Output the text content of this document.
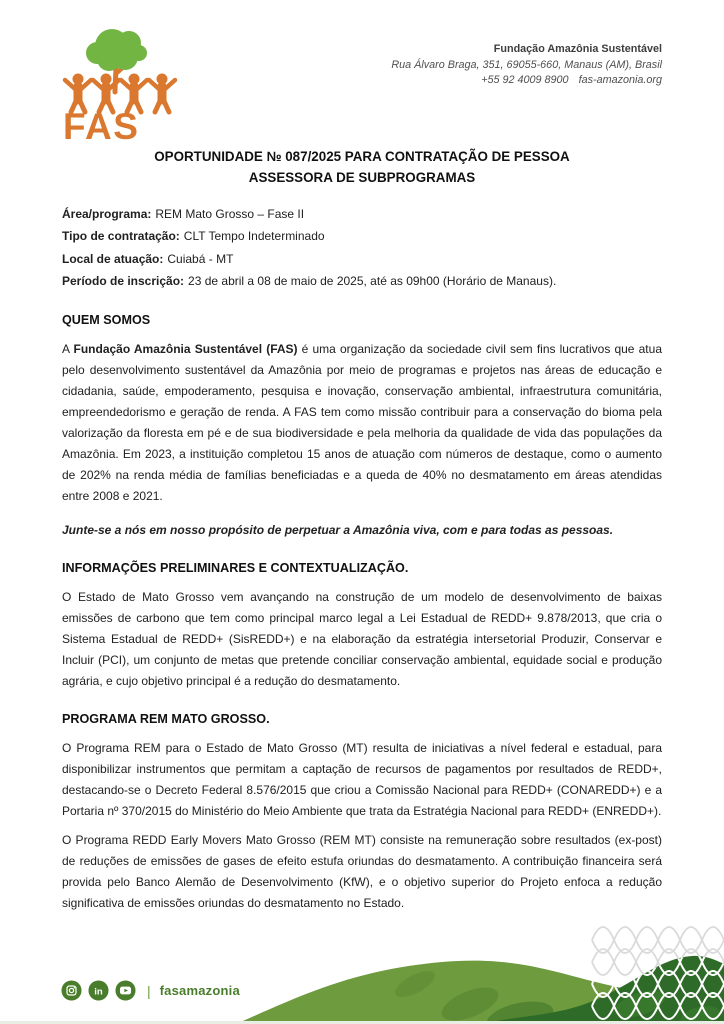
FAS
Fundação Amazônia Sustentável
Rua Álvaro Braga, 351, 69055-660, Manaus (AM), Brasil
+55 92 4009 8900 fas-amazonia.org
OPORTUNIDADE № 087/2025 PARA CONTRATAÇÃO DE PESSOA
ASSESSORA DE SUBPROGRAMAS
Área/programa: REM Mato Grosso – Fase II
Tipo de contratação: CLT Tempo Indeterminado
Local de atuação: Cuiabá - MT
Período de inscrição: 23 de abril a 08 de maio de 2025, até as 09h00 (Horário de Manaus).
QUEM SOMOS

A Fundação Amazônia Sustentável (FAS) é uma organização da sociedade civil sem fins lucrativos que atua pelo desenvolvimento sustentável da Amazônia por meio de programas e projetos nas áreas de educação e cidadania, saúde, empoderamento, pesquisa e inovação, conservação ambiental, infraestrutura comunitária, empreendedorismo e geração de renda. A FAS tem como missão contribuir para a conservação do bioma pela valorização da floresta em pé e de sua biodiversidade e pela melhoria da qualidade de vida das populações da Amazônia. Em 2023, a instituição completou 15 anos de atuação com números de destaque, como o aumento de 202% na renda média de famílias beneficiadas e a queda de 40% no desmatamento em áreas atendidas entre 2008 e 2021.

Junte-se a nós em nosso propósito de perpetuar a Amazônia viva, com e para todas as pessoas.

INFORMAÇÕES PRELIMINARES E CONTEXTUALIZAÇÃO.

O Estado de Mato Grosso vem avançando na construção de um modelo de desenvolvimento de baixas emissões de carbono que tem como principal marco legal a Lei Estadual de REDD+ 9.878/2013, que cria o Sistema Estadual de REDD+ (SisREDD+) e na elaboração da estratégia intersetorial Produzir, Conservar e Incluir (PCI), um conjunto de metas que pretende conciliar conservação ambiental, equidade social e produção agrária, e cujo objetivo principal é a redução do desmatamento.

PROGRAMA REM MATO GROSSO.

O Programa REM para o Estado de Mato Grosso (MT) resulta de iniciativas a nível federal e estadual, para disponibilizar instrumentos que permitam a captação de recursos de pagamentos por resultados de REDD+, destacando-se o Decreto Federal 8.576/2015 que criou a Comissão Nacional para REDD+ (CONAREDD+) e a Portaria nº 370/2015 do Ministério do Meio Ambiente que trata da Estratégia Nacional para REDD+ (ENREDD+).

O Programa REDD Early Movers Mato Grosso (REM MT) consiste na remuneração sobre resultados (ex-post) de reduções de emissões de gases de efeito estufa oriundas do desmatamento. A contribuição financeira será provida pelo Banco Alemão de Desenvolvimento (KfW), e o objetivo superior do Projeto enfoca a redução significativa de emissões oriundas do desmatamento no Estado.

in	| fasamazonia
